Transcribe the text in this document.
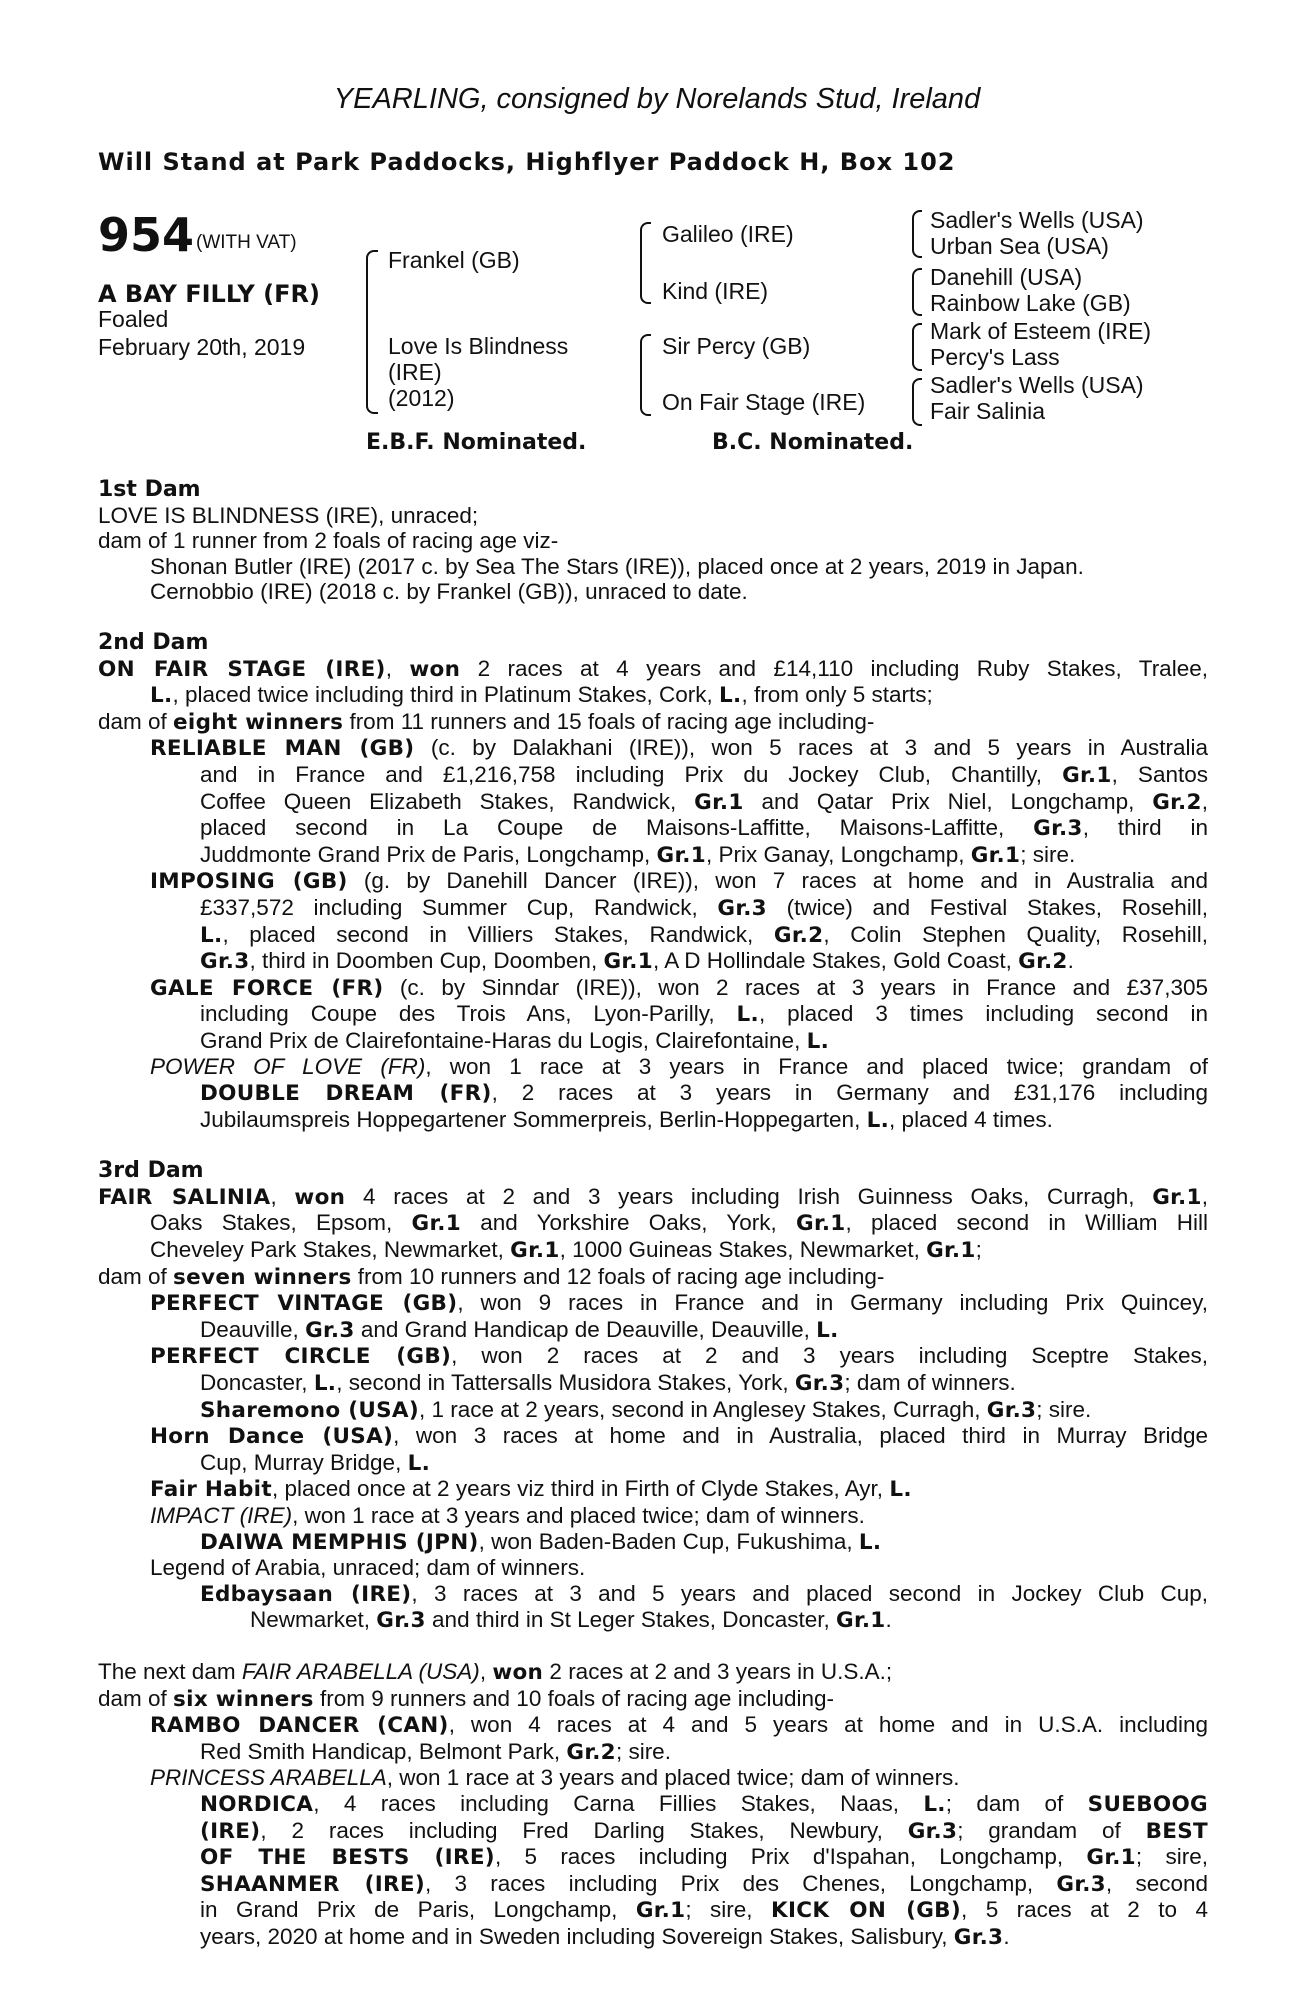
YEARLING, consigned by Norelands Stud, Ireland
Will Stand at Park Paddocks, Highflyer Paddock H, Box 102
954 (WITH VAT)
A BAY FILLY (FR)
Foaled
February 20th, 2019
Frankel (GB)
Love Is Blindness
(IRE)
(2012)
Galileo (IRE)
Kind (IRE)
Sir Percy (GB)
On Fair Stage (IRE)
Sadler's Wells (USA)
Urban Sea (USA)
Danehill (USA)
Rainbow Lake (GB)
Mark of Esteem (IRE)
Percy's Lass
Sadler's Wells (USA)
Fair Salinia
E.B.F. Nominated.	B.C. Nominated.
1st Dam
LOVE IS BLINDNESS (IRE), unraced;
dam of 1 runner from 2 foals of racing age viz-
Shonan Butler (IRE) (2017 c. by Sea The Stars (IRE)), placed once at 2 years, 2019 in Japan.
Cernobbio (IRE) (2018 c. by Frankel (GB)), unraced to date.
2nd Dam
ON FAIR STAGE (IRE), won 2 races at 4 years and £14,110 including Ruby Stakes, Tralee,
L., placed twice including third in Platinum Stakes, Cork, L., from only 5 starts;
dam of eight winners from 11 runners and 15 foals of racing age including-
RELIABLE MAN (GB) (c. by Dalakhani (IRE)), won 5 races at 3 and 5 years in Australia
and in France and £1,216,758 including Prix du Jockey Club, Chantilly, Gr.1, Santos
Coffee Queen Elizabeth Stakes, Randwick, Gr.1 and Qatar Prix Niel, Longchamp, Gr.2,
placed second in La Coupe de Maisons-Laffitte, Maisons-Laffitte, Gr.3, third in
Juddmonte Grand Prix de Paris, Longchamp, Gr.1, Prix Ganay, Longchamp, Gr.1; sire.
IMPOSING (GB) (g. by Danehill Dancer (IRE)), won 7 races at home and in Australia and
£337,572 including Summer Cup, Randwick, Gr.3 (twice) and Festival Stakes, Rosehill,
L., placed second in Villiers Stakes, Randwick, Gr.2, Colin Stephen Quality, Rosehill,
Gr.3, third in Doomben Cup, Doomben, Gr.1, A D Hollindale Stakes, Gold Coast, Gr.2.
GALE FORCE (FR) (c. by Sinndar (IRE)), won 2 races at 3 years in France and £37,305
including Coupe des Trois Ans, Lyon-Parilly, L., placed 3 times including second in
Grand Prix de Clairefontaine-Haras du Logis, Clairefontaine, L.
POWER OF LOVE (FR), won 1 race at 3 years in France and placed twice; grandam of
DOUBLE DREAM (FR), 2 races at 3 years in Germany and £31,176 including
Jubilaumspreis Hoppegartener Sommerpreis, Berlin-Hoppegarten, L., placed 4 times.
3rd Dam
FAIR SALINIA, won 4 races at 2 and 3 years including Irish Guinness Oaks, Curragh, Gr.1,
Oaks Stakes, Epsom, Gr.1 and Yorkshire Oaks, York, Gr.1, placed second in William Hill
Cheveley Park Stakes, Newmarket, Gr.1, 1000 Guineas Stakes, Newmarket, Gr.1;
dam of seven winners from 10 runners and 12 foals of racing age including-
PERFECT VINTAGE (GB), won 9 races in France and in Germany including Prix Quincey,
Deauville, Gr.3 and Grand Handicap de Deauville, Deauville, L.
PERFECT CIRCLE (GB), won 2 races at 2 and 3 years including Sceptre Stakes,
Doncaster, L., second in Tattersalls Musidora Stakes, York, Gr.3; dam of winners.
Sharemono (USA), 1 race at 2 years, second in Anglesey Stakes, Curragh, Gr.3; sire.
Horn Dance (USA), won 3 races at home and in Australia, placed third in Murray Bridge
Cup, Murray Bridge, L.
Fair Habit, placed once at 2 years viz third in Firth of Clyde Stakes, Ayr, L.
IMPACT (IRE), won 1 race at 3 years and placed twice; dam of winners.
DAIWA MEMPHIS (JPN), won Baden-Baden Cup, Fukushima, L.
Legend of Arabia, unraced; dam of winners.
Edbaysaan (IRE), 3 races at 3 and 5 years and placed second in Jockey Club Cup,
Newmarket, Gr.3 and third in St Leger Stakes, Doncaster, Gr.1.
The next dam FAIR ARABELLA (USA), won 2 races at 2 and 3 years in U.S.A.;
dam of six winners from 9 runners and 10 foals of racing age including-
RAMBO DANCER (CAN), won 4 races at 4 and 5 years at home and in U.S.A. including
Red Smith Handicap, Belmont Park, Gr.2; sire.
PRINCESS ARABELLA, won 1 race at 3 years and placed twice; dam of winners.
NORDICA, 4 races including Carna Fillies Stakes, Naas, L.; dam of SUEBOOG
(IRE), 2 races including Fred Darling Stakes, Newbury, Gr.3; grandam of BEST
OF THE BESTS (IRE), 5 races including Prix d'Ispahan, Longchamp, Gr.1; sire,
SHAANMER (IRE), 3 races including Prix des Chenes, Longchamp, Gr.3, second
in Grand Prix de Paris, Longchamp, Gr.1; sire, KICK ON (GB), 5 races at 2 to 4
years, 2020 at home and in Sweden including Sovereign Stakes, Salisbury, Gr.3.
